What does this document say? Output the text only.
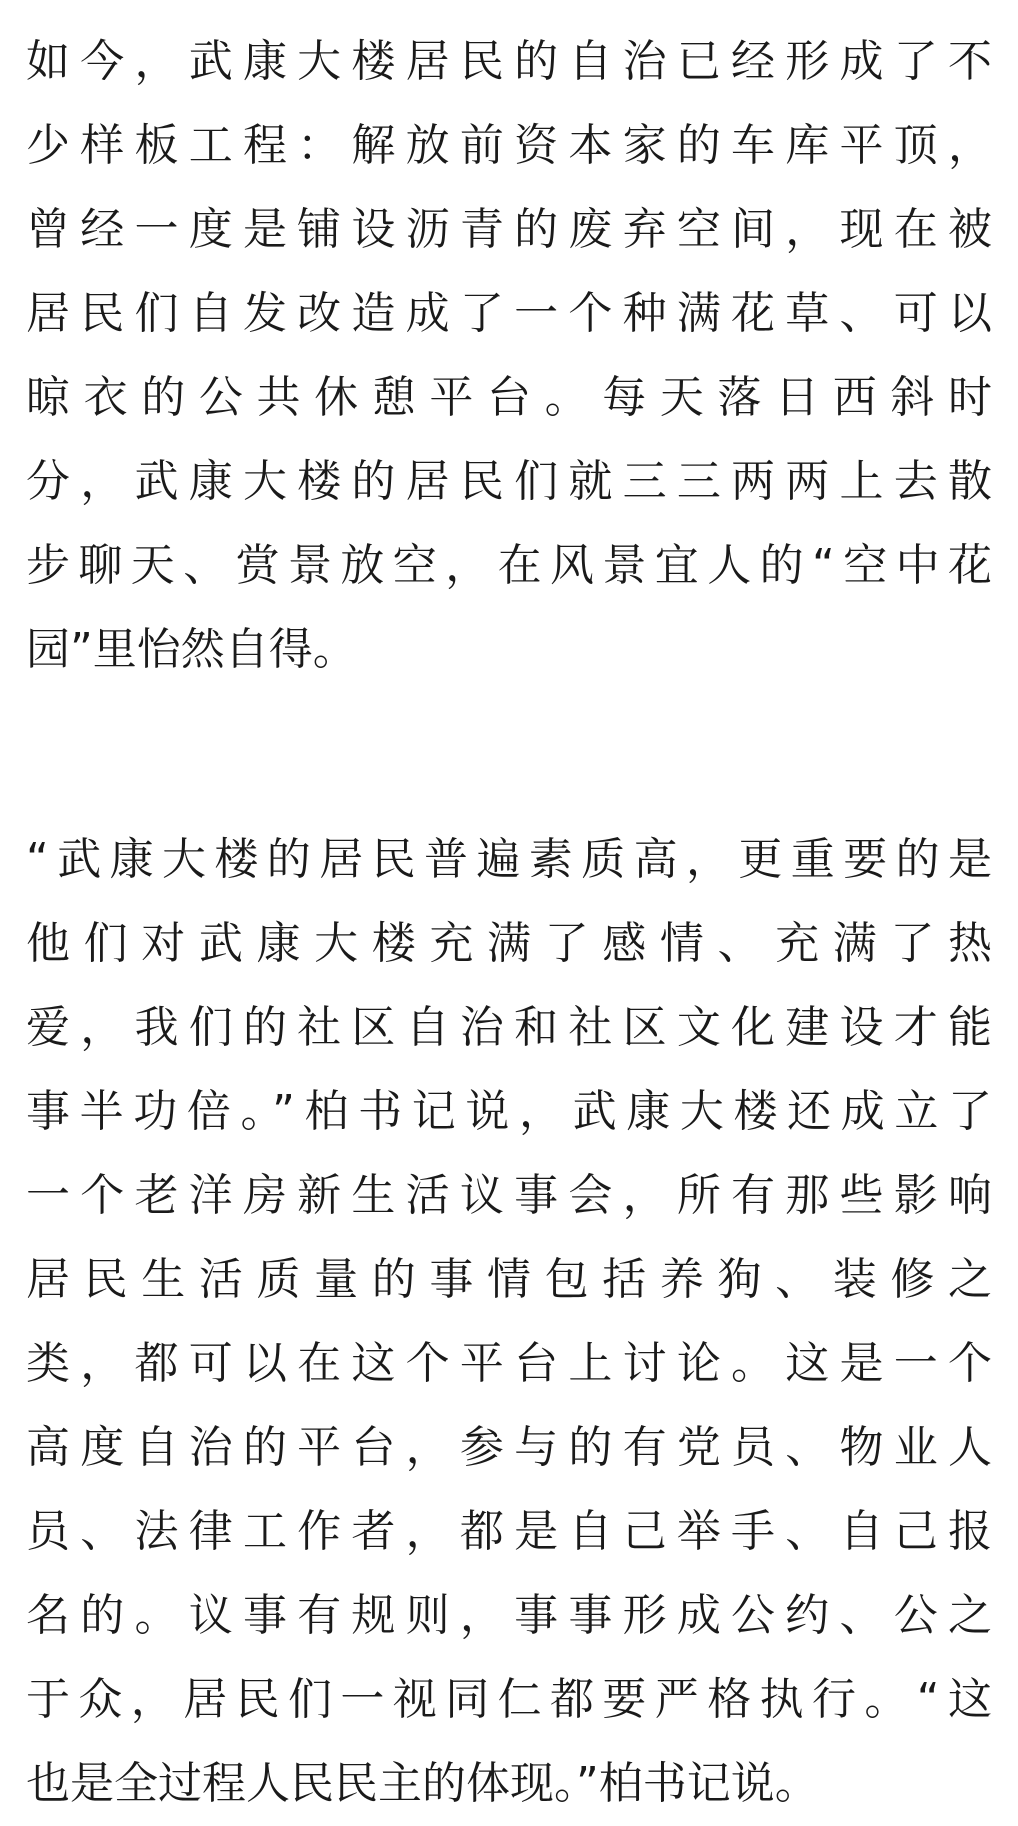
如今，武康大楼居民的自治已经形成了不
少样板工程：解放前资本家的车库平顶，
曾经一度是铺设沥青的废弃空间，现在被
居民们自发改造成了一个种满花草、可以
晾衣的公共休憩平台。每天落日西斜时
分，武康大楼的居民们就三三两两上去散
步聊天、赏景放空，在风景宜人的“空中花
园”里怡然自得。
“武康大楼的居民普遍素质高，更重要的是
他们对武康大楼充满了感情、充满了热
爱，我们的社区自治和社区文化建设才能
事半功倍。”柏书记说，武康大楼还成立了
一个老洋房新生活议事会，所有那些影响
居民生活质量的事情包括养狗、装修之
类，都可以在这个平台上讨论。这是一个
高度自治的平台，参与的有党员、物业人
员、法律工作者，都是自己举手、自己报
名的。议事有规则，事事形成公约、公之
于众，居民们一视同仁都要严格执行。“这
也是全过程人民民主的体现。”柏书记说。
